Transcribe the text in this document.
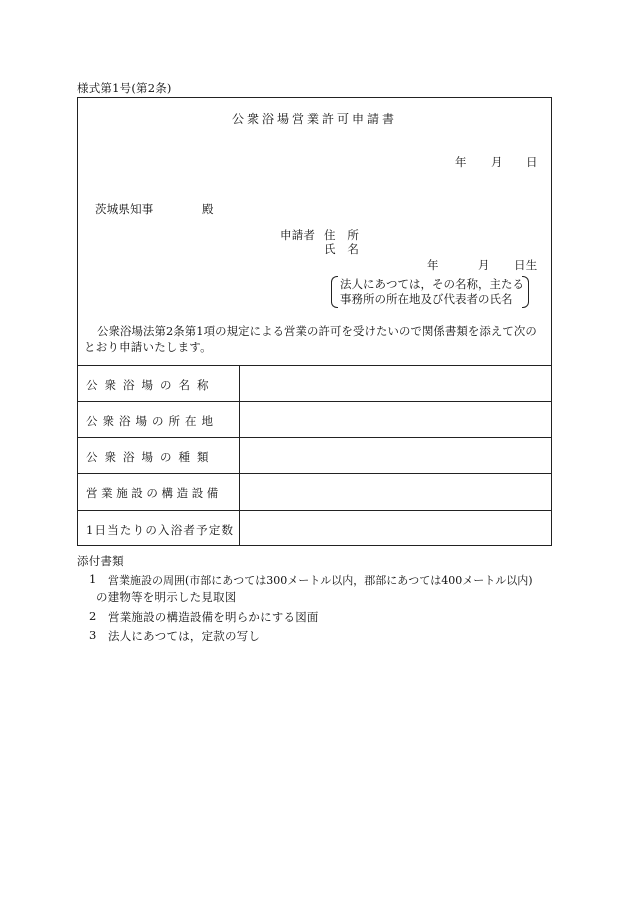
様式第1号(第2条)
公衆浴場営業許可申請書
年 月 日
茨城県知事	殿
申請者 住　所
氏　名
年	月 日生
法人にあつては，その名称，主たる
事務所の所在地及び代表者の氏名
公衆浴場法第2条第1項の規定による営業の許可を受けたいので関係書類を添えて次の
とおり申請いたします。
公衆浴場の名称
公衆浴場の所在地
公衆浴場の種類
営業施設の構造設備
1日当たりの入浴者予定数
添付書類
1 営業施設の周囲(市部にあつては300メートル以内，郡部にあつては400メートル以内)
の建物等を明示した見取図
2 営業施設の構造設備を明らかにする図面
3 法人にあつては，定款の写し
